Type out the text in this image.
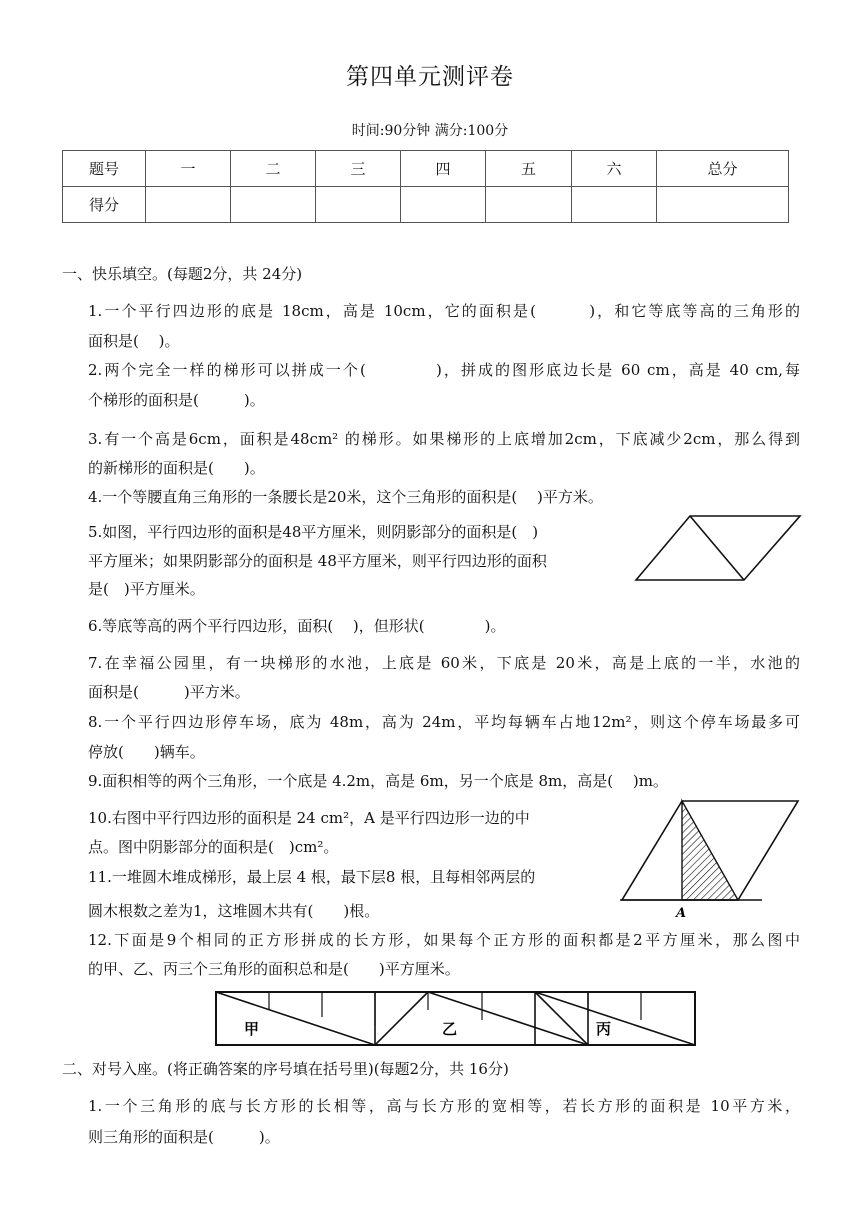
第四单元测评卷
时间:90分钟 满分:100分
题号	一	二	三	四	五	六	总分
得分							
一、快乐填空。(每题2分，共 24分)
1.一个平行四边形的底是 18cm，高是 10cm，它的面积是(　　　)，和它等底等高的三角形的
面积是(　 )。
2.两个完全一样的梯形可以拼成一个(　　　　)，拼成的图形底边长是 60 cm，高是 40 cm,每
个梯形的面积是(　　　)。
3.有一个高是6cm，面积是48cm² 的梯形。如果梯形的上底增加2cm，下底减少2cm，那么得到
的新梯形的面积是(　　)。
4.一个等腰直角三角形的一条腰长是20米，这个三角形的面积是(　 )平方米。
5.如图，平行四边形的面积是48平方厘米，则阴影部分的面积是(　)
平方厘米；如果阴影部分的面积是 48平方厘米，则平行四边形的面积
是(　)平方厘米。
6.等底等高的两个平行四边形，面积(　 )，但形状(　　　　)。
7.在幸福公园里，有一块梯形的水池，上底是 60米，下底是 20米，高是上底的一半，水池的
面积是(　　　)平方米。
8.一个平行四边形停车场，底为 48m，高为 24m，平均每辆车占地12m²，则这个停车场最多可
停放(　　)辆车。
9.面积相等的两个三角形，一个底是 4.2m，高是 6m，另一个底是 8m，高是(　 )m。
10.右图中平行四边形的面积是 24 cm²，A 是平行四边形一边的中
点。图中阴影部分的面积是(　)cm²。
11.一堆圆木堆成梯形，最上层 4 根，最下层8 根，且每相邻两层的
圆木根数之差为1，这堆圆木共有(　　)根。	A
12.下面是9个相同的正方形拼成的长方形，如果每个正方形的面积都是2平方厘米，那么图中
的甲、乙、丙三个三角形的面积总和是(　　)平方厘米。
甲	乙	丙
二、对号入座。(将正确答案的序号填在括号里)(每题2分，共 16分)
1.一个三角形的底与长方形的长相等，高与长方形的宽相等，若长方形的面积是 10平方米，
则三角形的面积是(　　　)。
